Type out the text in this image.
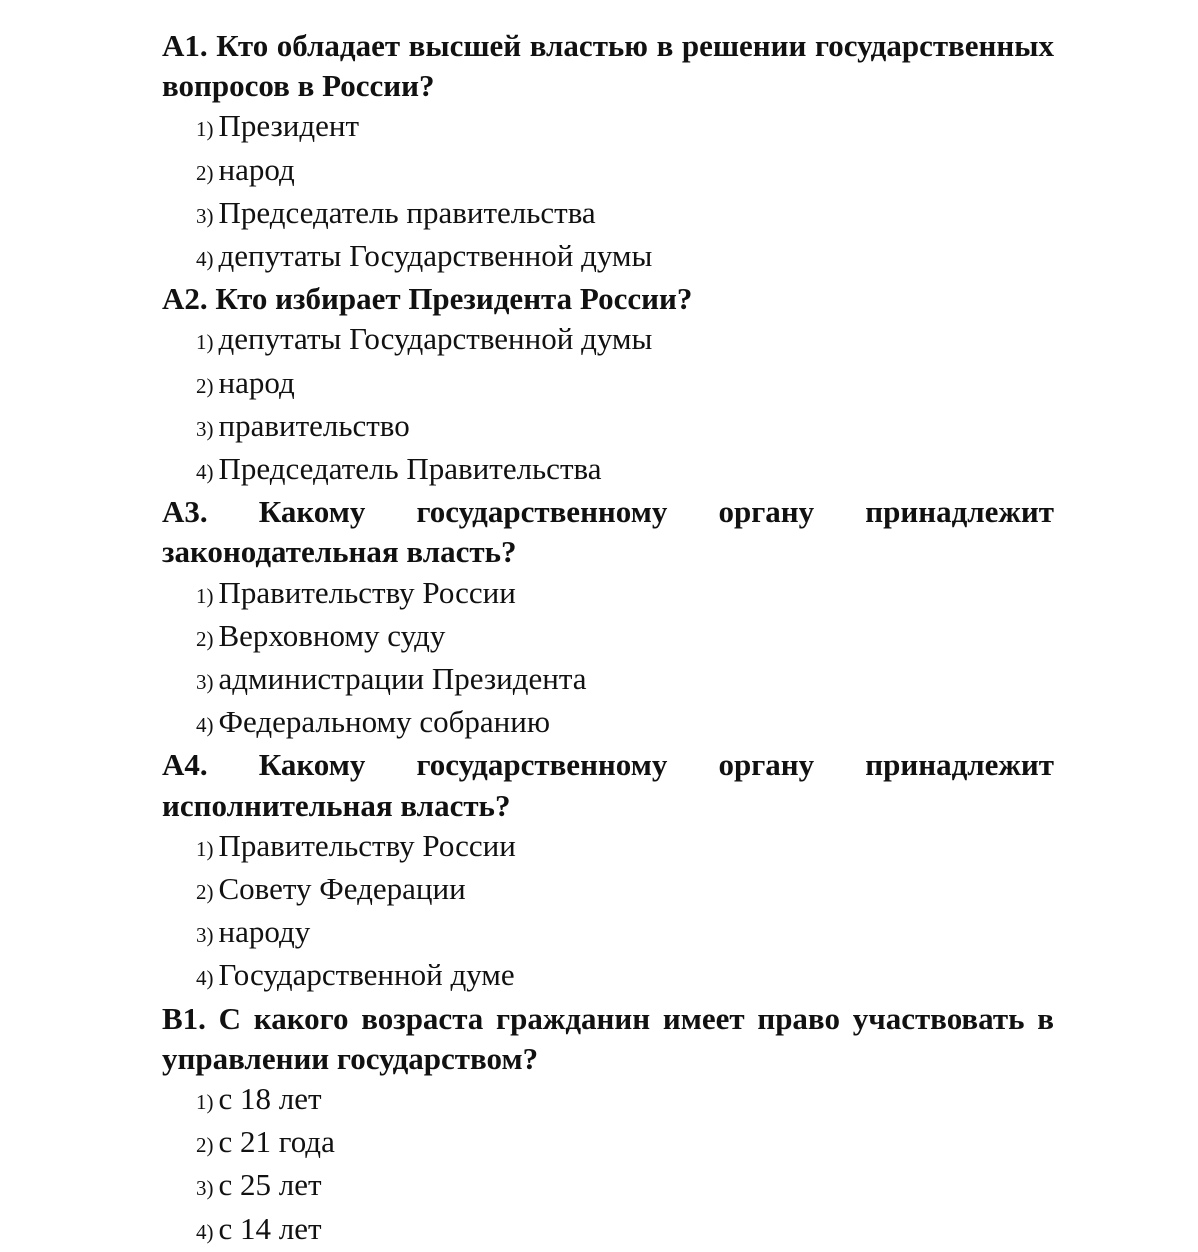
А1. Кто обладает высшей властью в решении государственных вопросов в России?
1) Президент
2) народ
3) Председатель правительства
4) депутаты Государственной думы
А2. Кто избирает Президента России?
1) депутаты Государственной думы
2) народ
3) правительство
4) Председатель Правительства
А3. Какому государственному органу принадлежит законодательная власть?
1) Правительству России
2) Верховному суду
3) администрации Президента
4) Федеральному собранию
А4. Какому государственному органу принадлежит исполнительная власть?
1) Правительству России
2) Совету Федерации
3) народу
4) Государственной думе
В1. С какого возраста гражданин имеет право участвовать в управлении государством?
1) с 18 лет
2) с 21 года
3) с 25 лет
4) с 14 лет
